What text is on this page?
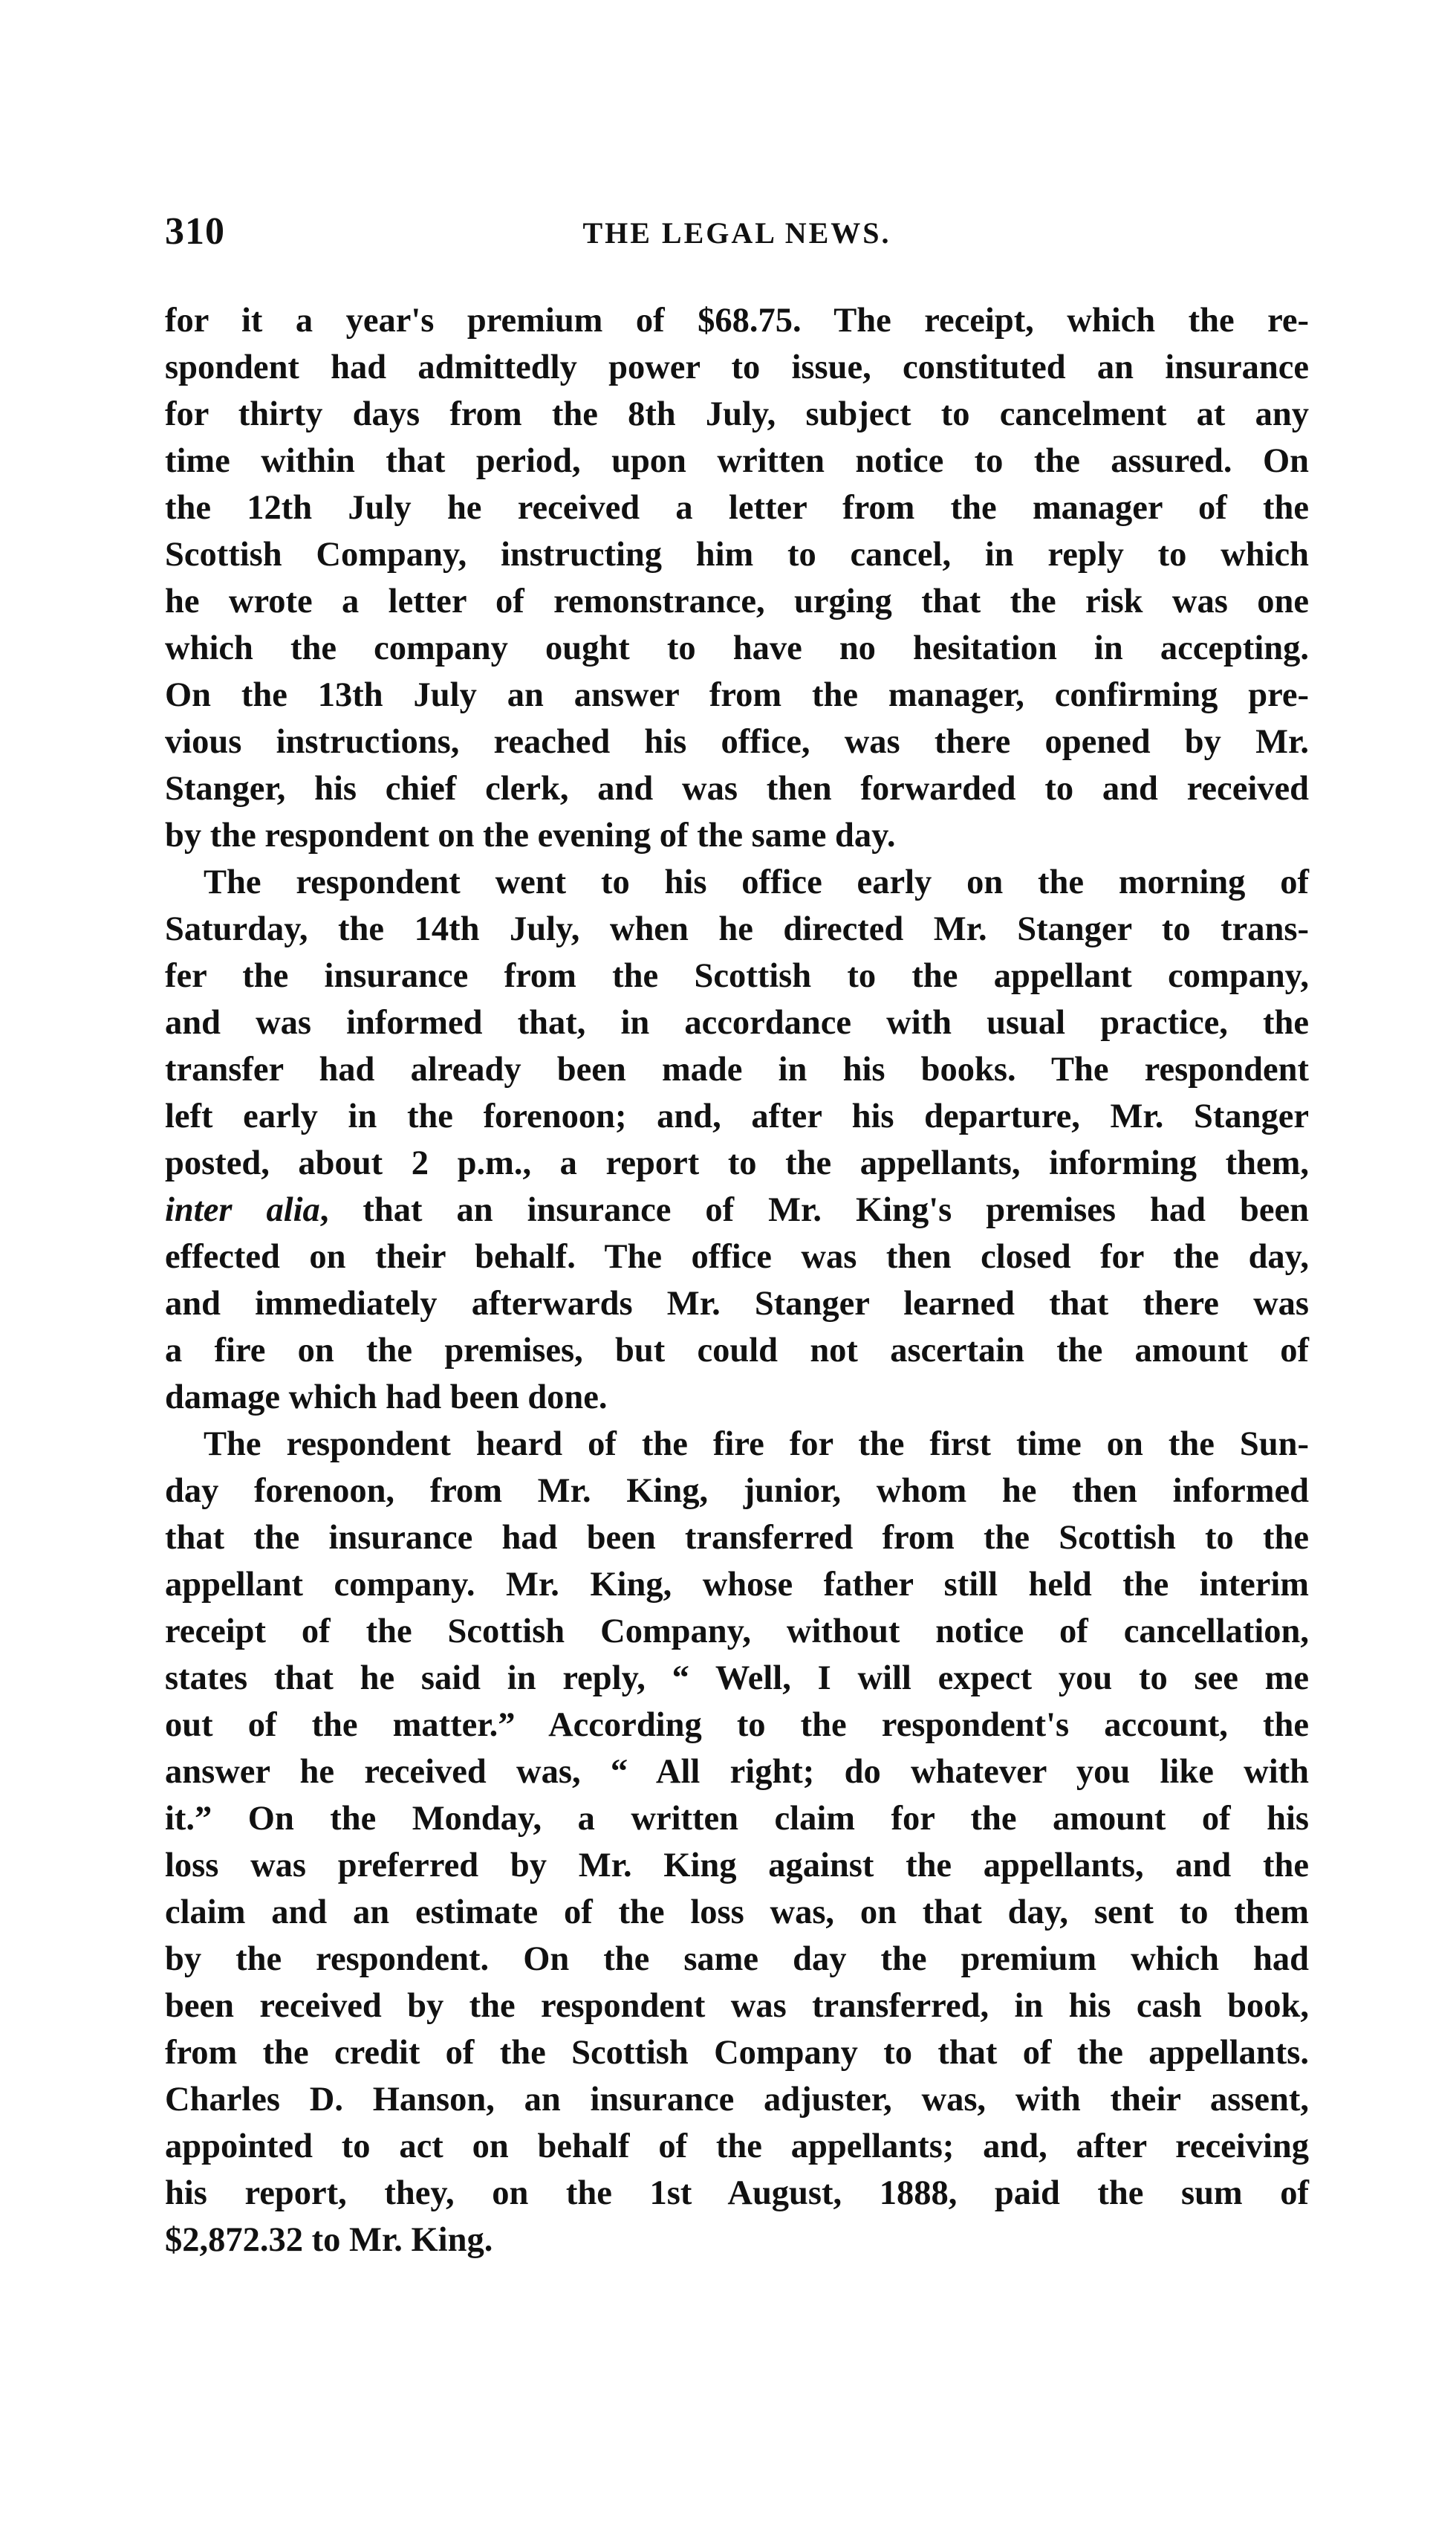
310	THE LEGAL NEWS.
for it a year's premium of $68.75. The receipt, which the re-
spondent had admittedly power to issue, constituted an insurance
for thirty days from the 8th July, subject to cancelment at any
time within that period, upon written notice to the assured. On
the 12th July he received a letter from the manager of the
Scottish Company, instructing him to cancel, in reply to which
he wrote a letter of remonstrance, urging that the risk was one
which the company ought to have no hesitation in accepting.
On the 13th July an answer from the manager, confirming pre-
vious instructions, reached his office, was there opened by Mr.
Stanger, his chief clerk, and was then forwarded to and received
by the respondent on the evening of the same day.
The respondent went to his office early on the morning of
Saturday, the 14th July, when he directed Mr. Stanger to trans-
fer the insurance from the Scottish to the appellant company,
and was informed that, in accordance with usual practice, the
transfer had already been made in his books. The respondent
left early in the forenoon; and, after his departure, Mr. Stanger
posted, about 2 p.m., a report to the appellants, informing them,
inter alia, that an insurance of Mr. King's premises had been
effected on their behalf. The office was then closed for the day,
and immediately afterwards Mr. Stanger learned that there was
a fire on the premises, but could not ascertain the amount of
damage which had been done.
The respondent heard of the fire for the first time on the Sun-
day forenoon, from Mr. King, junior, whom he then informed
that the insurance had been transferred from the Scottish to the
appellant company. Mr. King, whose father still held the interim
receipt of the Scottish Company, without notice of cancellation,
states that he said in reply, “ Well, I will expect you to see me
out of the matter.” According to the respondent's account, the
answer he received was, “ All right; do whatever you like with
it.” On the Monday, a written claim for the amount of his
loss was preferred by Mr. King against the appellants, and the
claim and an estimate of the loss was, on that day, sent to them
by the respondent. On the same day the premium which had
been received by the respondent was transferred, in his cash book,
from the credit of the Scottish Company to that of the appellants.
Charles D. Hanson, an insurance adjuster, was, with their assent,
appointed to act on behalf of the appellants; and, after receiving
his report, they, on the 1st August, 1888, paid the sum of
$2,872.32 to Mr. King.
